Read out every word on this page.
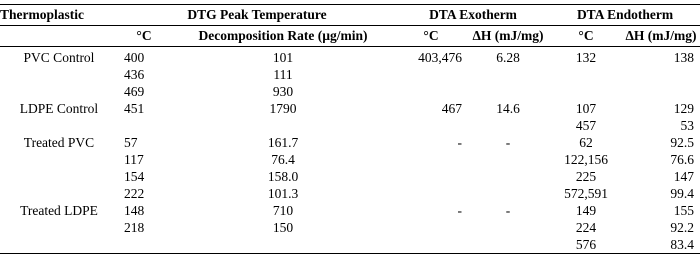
Thermoplastic	DTG Peak Temperature		DTA Exotherm		DTA Endotherm	
	°C	Decomposition Rate (µg/min)	°C	ΔH (mJ/mg)	°C	ΔH (mJ/mg)
PVC Control	400	101	403,476	6.28	132	138
	436	111				
	469	930				
LDPE Control	451	1790	467	14.6	107	129
					457	53
Treated PVC	57	161.7	-	-	62	92.5
	117	76.4			122,156	76.6
	154	158.0			225	147
	222	101.3			572,591	99.4
Treated LDPE	148	710	-	-	149	155
	218	150			224	92.2
					576	83.4
